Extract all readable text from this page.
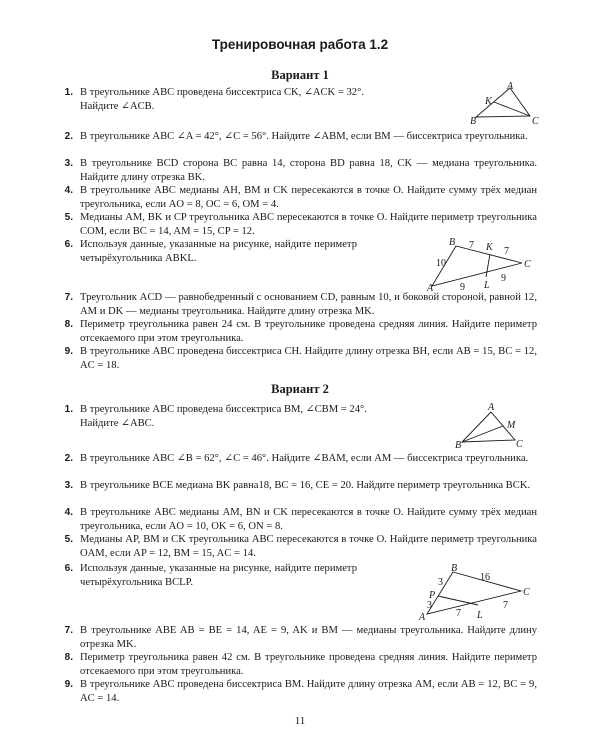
Тренировочная работа 1.2
Вариант 1
1. В треугольнике ABC проведена биссектриса CK, ∠ACK = 32°.
Найдите ∠ACB.
A
B	C
K
2. В треугольнике ABC ∠A = 42°, ∠C = 56°. Найдите ∠ABM, если BM — биссектриса треугольника.
3. В треугольнике BCD сторона BC равна 14, сторона BD равна 18, CK — медиана треугольника. Найдите длину отрезка BK.
4. В треугольнике ABC медианы AH, BM и CK пересекаются в точке O. Найдите сумму трёх медиан треугольника, если AO = 8, OC = 6, OM = 4.
5. Медианы AM, BK и CP треугольника ABC пересекаются в точке O. Найдите периметр треугольника COM, если BC = 14, AM = 15, CP = 12.
6. Используя данные, указанные на рисунке, найдите периметр четырёхугольника ABKL.
B	K
C
A	L
10
7
7
9
9
7. Треугольник ACD — равнобедренный с основанием CD, равным 10, и боковой стороной, равной 12, AM и DK — медианы треугольника. Найдите длину отрезка MK.
8. Периметр треугольника равен 24 см. В треугольнике проведена средняя линия. Найдите периметр отсекаемого при этом треугольника.
9. В треугольнике ABC проведена биссектриса CH. Найдите длину отрезка BH, если AB = 15, BC = 12, AC = 18.
Вариант 2
1. В треугольнике ABC проведена биссектриса BM, ∠CBM = 24°.
Найдите ∠ABC.
A
B	C
M
2. В треугольнике ABC ∠B = 62°, ∠C = 46°. Найдите ∠BAM, если AM — биссектриса треугольника.
3. В треугольнике BCE медиана BK равна18, BC = 16, CE = 20. Найдите периметр треугольника BCK.
4. В треугольнике ABC медианы AM, BN и CK пересекаются в точке O. Найдите сумму трёх медиан треугольника, если AO = 10, OK = 6, ON = 8.
5. Медианы AP, BM и CK треугольника ABC пересекаются в точке O. Найдите периметр треугольника OAM, если AP = 12, BM = 15, AC = 14.
6. Используя данные, указанные на рисунке, найдите периметр четырёхугольника BCLP.
B
C
P
A	L
16
3
3
7
7
7. В треугольнике ABE AB = BE = 14, AE = 9, AK и BM — медианы треугольника. Найдите длину отрезка MK.
8. Периметр треугольника равен 42 см. В треугольнике проведена средняя линия. Найдите периметр отсекаемого при этом треугольника.
9. В треугольнике ABC проведена биссектриса BM. Найдите длину отрезка AM, если AB = 12, BC = 9, AC = 14.
11
